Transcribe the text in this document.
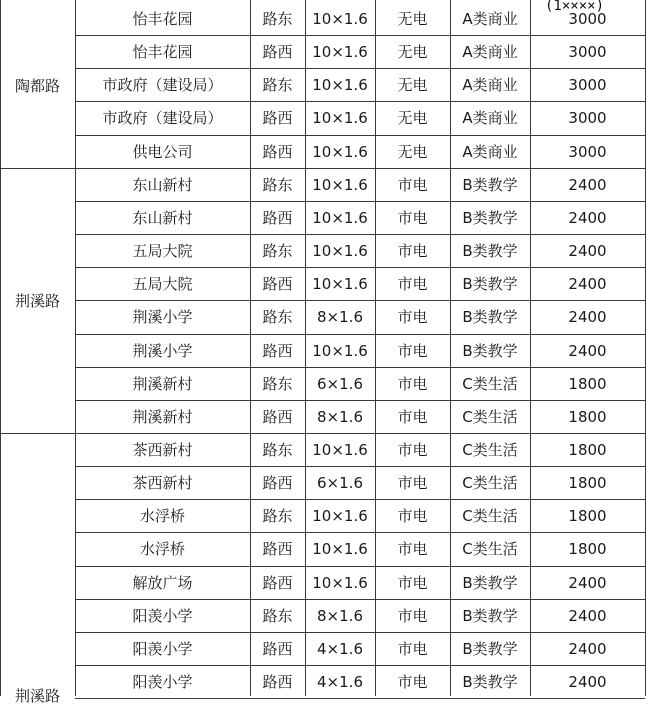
怡丰花园	路东	10×1.6	无电	A类商业	3000
怡丰花园	路西	10×1.6	无电	A类商业	3000
市政府（建设局）	路东	10×1.6	无电	A类商业	3000
市政府（建设局）	路西	10×1.6	无电	A类商业	3000
供电公司	路西	10×1.6	无电	A类商业	3000
东山新村	路东	10×1.6	市电	B类教学	2400
东山新村	路西	10×1.6	市电	B类教学	2400
五局大院	路东	10×1.6	市电	B类教学	2400
五局大院	路西	10×1.6	市电	B类教学	2400
荆溪小学	路东	8×1.6	市电	B类教学	2400
荆溪小学	路西	10×1.6	市电	B类教学	2400
荆溪新村	路东	6×1.6	市电	C类生活	1800
荆溪新村	路西	8×1.6	市电	C类生活	1800
茶西新村	路东	10×1.6	市电	C类生活	1800
茶西新村	路西	6×1.6	市电	C类生活	1800
水浮桥	路东	10×1.6	市电	C类生活	1800
水浮桥	路西	10×1.6	市电	C类生活	1800
解放广场	路西	10×1.6	市电	B类教学	2400
阳羡小学	路东	8×1.6	市电	B类教学	2400
阳羡小学	路西	4×1.6	市电	B类教学	2400
阳羡小学	路西	4×1.6	市电	B类教学	2400
陶都路
荆溪路
荆溪路
(1××××)
